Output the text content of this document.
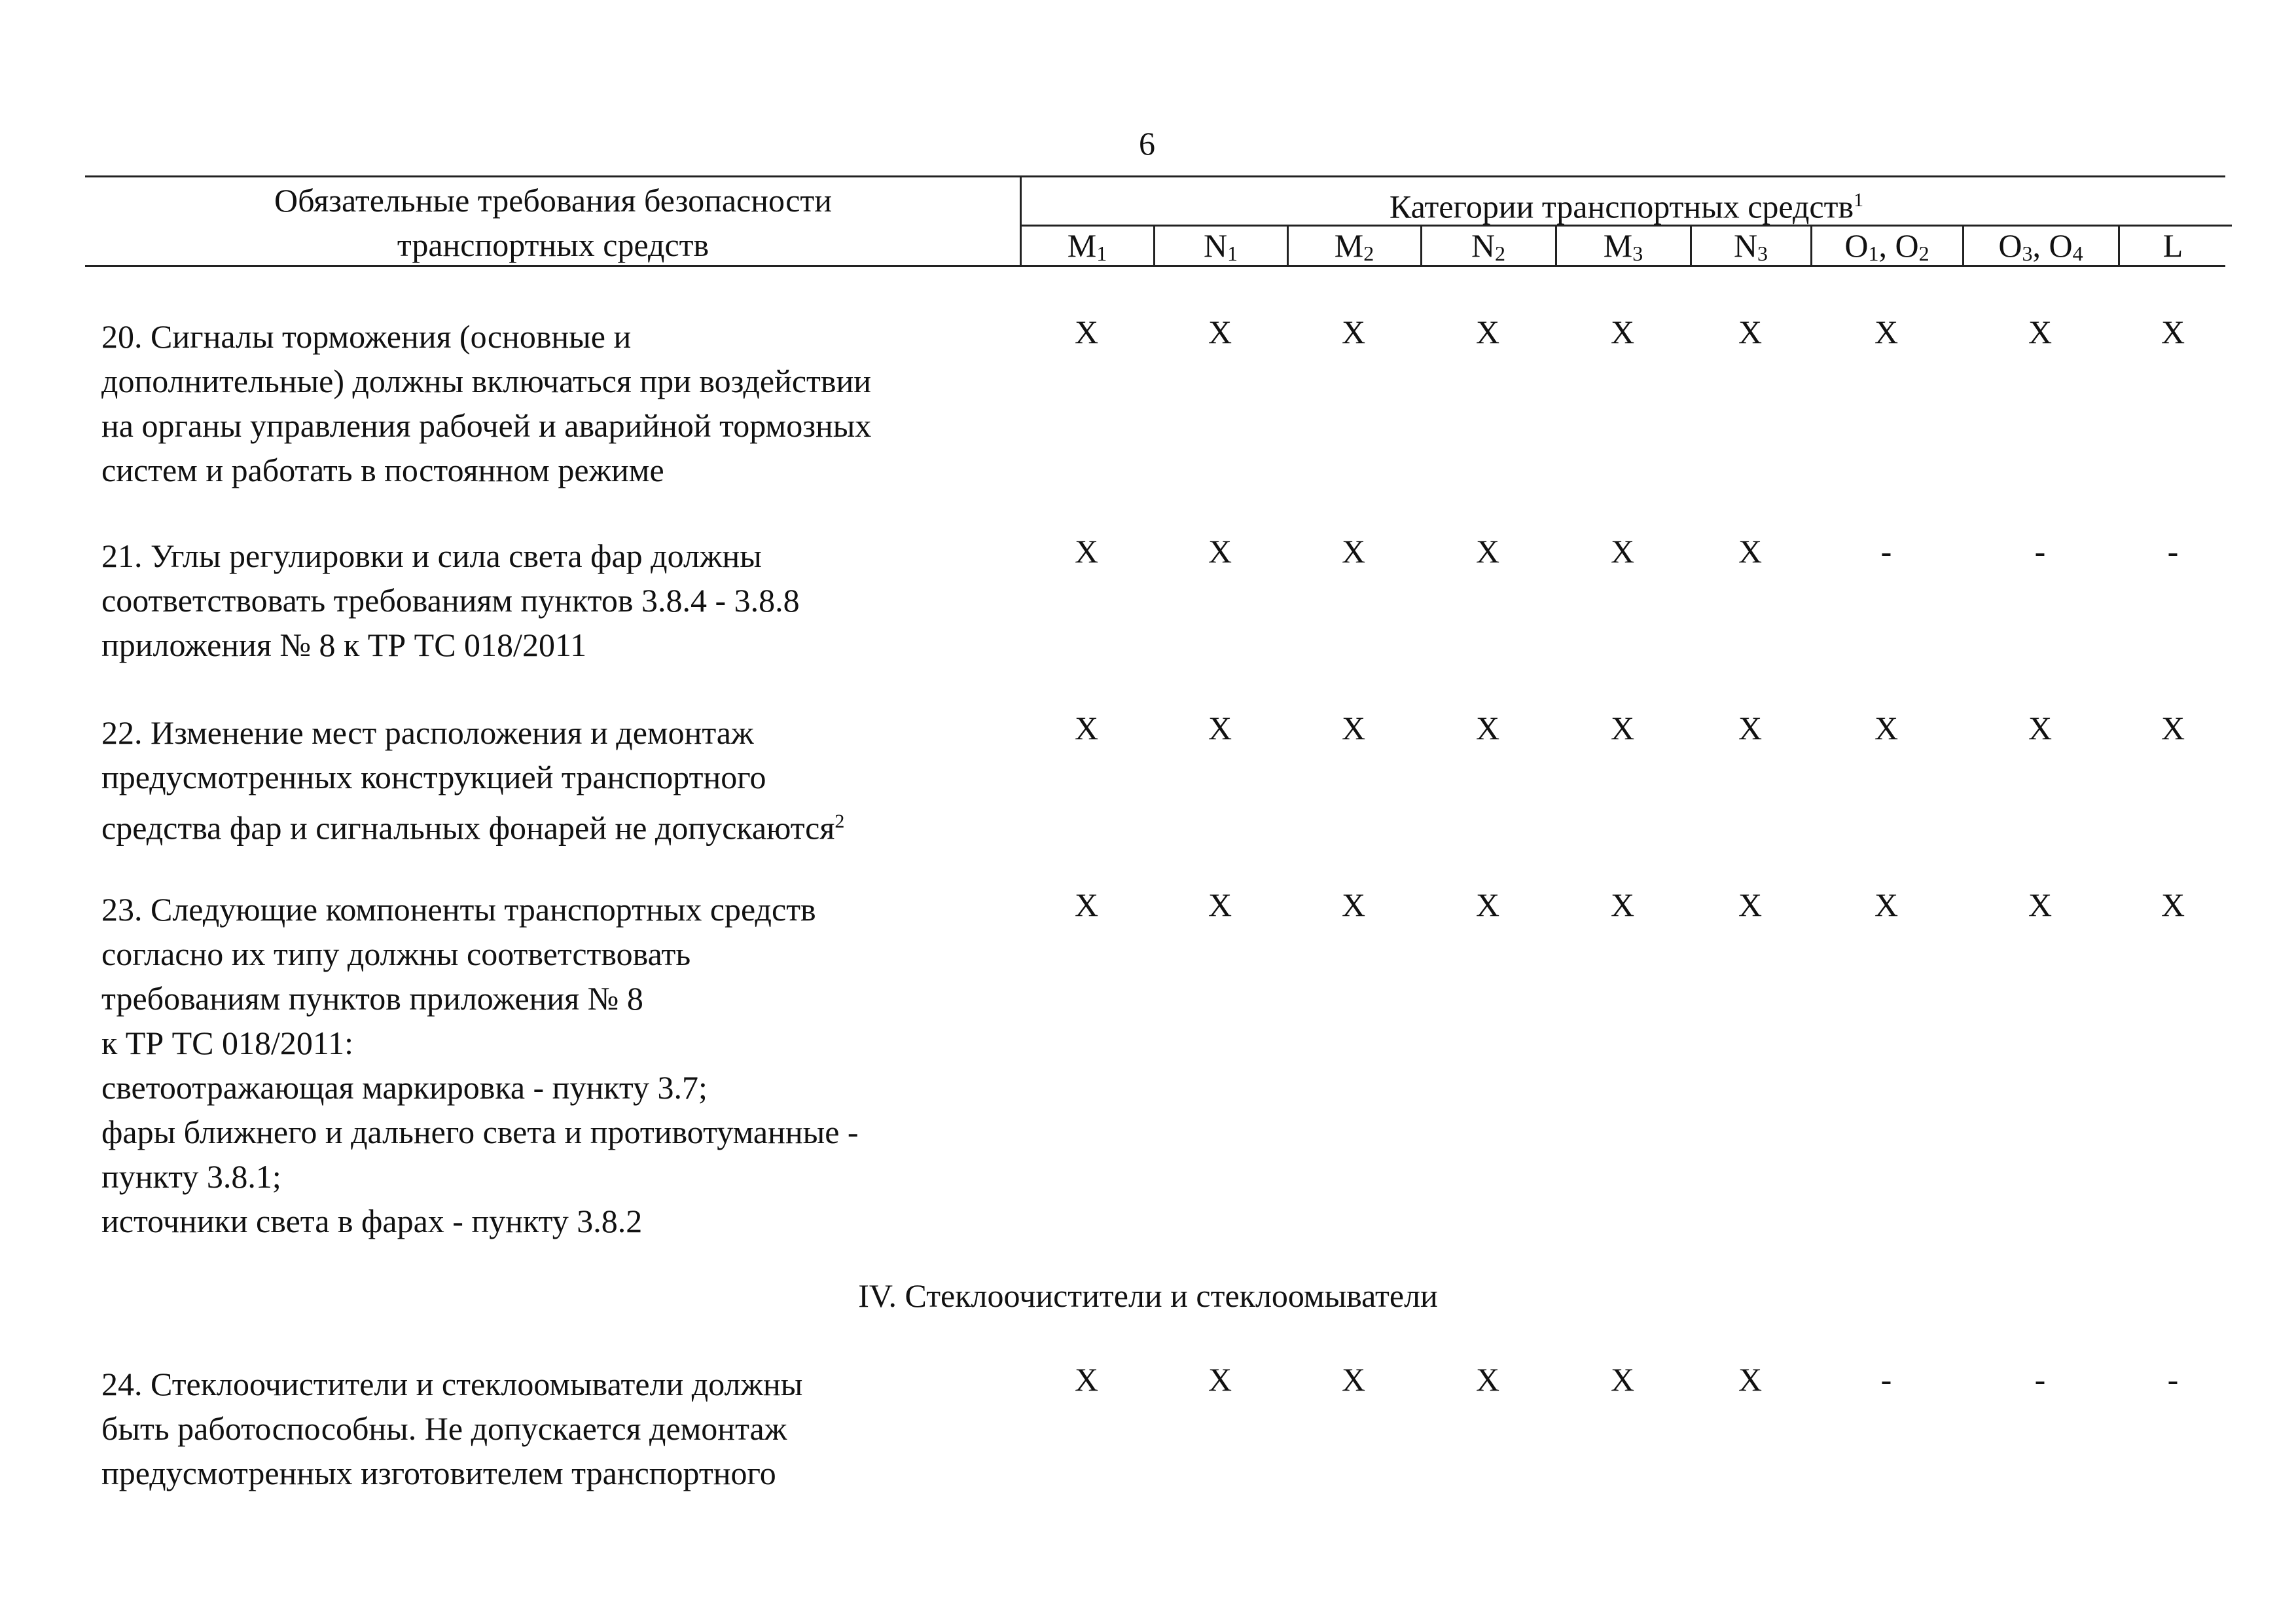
6
Обязательные требования безопасности
транспортных средств
Категории транспортных средств$^1$
$M_1$	$N_1$	$M_2$	$N_2$	$M_3$	$N_3$	$O_1$, $O_2$	$O_3$, $O_4$	L
20. Сигналы торможения (основные и
дополнительные) должны включаться при воздействии
на органы управления рабочей и аварийной тормозных
систем и работать в постоянном режиме
X	X	X	X	X	X	X	X	X
21. Углы регулировки и сила света фар должны
соответствовать требованиям пунктов 3.8.4 - 3.8.8
приложения № 8 к ТР ТС 018/2011
X	X	X	X	X	X	-	-	-
22. Изменение мест расположения и демонтаж
предусмотренных конструкцией транспортного
средства фар и сигнальных фонарей не допускаются$^2$
X	X	X	X	X	X	X	X	X
23. Следующие компоненты транспортных средств
согласно их типу должны соответствовать
требованиям пунктов приложения № 8
к ТР ТС 018/2011:
светоотражающая маркировка - пункту 3.7;
фары ближнего и дальнего света и противотуманные -
пункту 3.8.1;
источники света в фарах - пункту 3.8.2
X	X	X	X	X	X	X	X	X
24. Стеклоочистители и стеклоомыватели должны
быть работоспособны. Не допускается демонтаж
предусмотренных изготовителем транспортного
X	X	X	X	X	X	-	-	-
IV. Стеклоочистители и стеклоомыватели
